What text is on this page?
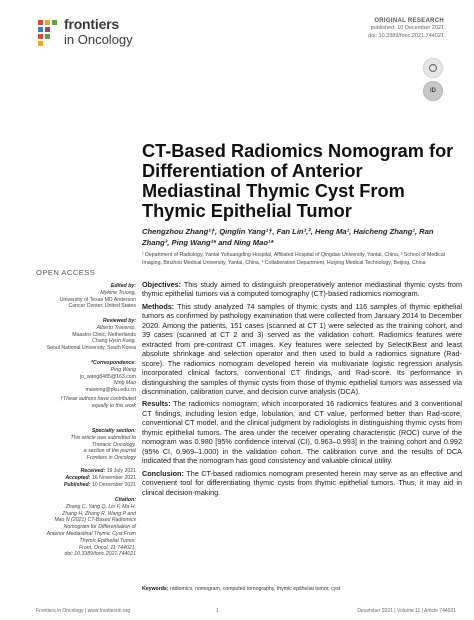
frontiers
in Oncology
ORIGINAL RESEARCH
published: 10 December 2021
doi: 10.3389/fonc.2021.744021
iD
CT-Based Radiomics Nomogram for Differentiation of Anterior Mediastinal Thymic Cyst From Thymic Epithelial Tumor
Chengzhou Zhang¹†, Qinglin Yang¹†, Fan Lin¹,², Heng Ma¹, Haicheng Zhang¹, Ran Zhang³, Ping Wang¹* and Ning Mao¹*
¹ Department of Radiology, Yantai Yuhuangding Hospital, Affiliated Hospital of Qingdao University, Yantai, China, ² School of Medical Imaging, Binzhou Medical University, Yantai, China, ³ Collaboration Department, Huiying Medical Technology, Beijing, China
OPEN ACCESS
Edited by:
Mylene Truong,
University of Texas MD Anderson
Cancer Center, United States
Reviewed by:
Alberto Traverso,
Maastro Clinic, Netherlands
Chang Hyun Kang,
Seoul National University, South Korea
*Correspondence:
Ping Wang
jo_wang8485@163.com
Ning Mao
maoning@pku.edu.cn
†These authors have contributed
equally to this work
Specialty section:
This article was submitted to
Thoracic Oncology,
a section of the journal
Frontiers in Oncology
Received: 19 July 2021
Accepted: 16 November 2021
Published: 10 December 2021
Citation:
Zhang C, Yang Q, Lin F, Ma H,
Zhang H, Zhang R, Wang P and
Mao N (2021) CT-Based Radiomics
Nomogram for Differentiation of
Anterior Mediastinal Thymic Cyst From
Thymic Epithelial Tumor.
Front. Oncol. 11:744021.
doi: 10.3389/fonc.2021.744021

Objectives: This study aimed to distinguish preoperatively anterior mediastinal thymic cysts from thymic epithelial tumors via a computed tomography (CT)-based radiomics nomogram.

Methods: This study analyzed 74 samples of thymic cysts and 116 samples of thymic epithelial tumors as confirmed by pathology examination that were collected from January 2014 to December 2020. Among the patients, 151 cases (scanned at CT 1) were selected as the training cohort, and 39 cases (scanned at CT 2 and 3) served as the validation cohort. Radiomics features were extracted from pre-contrast CT images. Key features were selected by SelectKBest and least absolute shrinkage and selection operator and then used to build a radiomics signature (Rad-score). The radiomics nomogram developed herein via multivariate logistic regression analysis incorporated clinical factors, conventional CT findings, and Rad-score. Its performance in distinguishing the samples of thymic cysts from those of thymic epithelial tumors was assessed via discrimination, calibration curve, and decision curve analysis (DCA).

Results: The radiomics nomogram, which incorporated 16 radiomics features and 3 conventional CT findings, including lesion edge, lobulation, and CT value, performed better than Rad-score, conventional CT model, and the clinical judgment by radiologists in distinguishing thymic cysts from thymic epithelial tumors. The area under the receiver operating characteristic (ROC) curve of the nomogram was 0.980 [95% confidence interval (CI), 0.963–0.993] in the training cohort and 0.992 (95% CI, 0.969–1.000) in the validation cohort. The calibration curve and the results of DCA indicated that the nomogram has good consistency and valuable clinical utility.

Conclusion: The CT-based radiomics nomogram presented herein may serve as an effective and convenient tool for differentiating thymic cysts from thymic epithelial tumors. Thus, it may aid in clinical decision-making.

Keywords: radiomics, nomogram, computed tomography, thymic epithelial tumor, cyst
Frontiers in Oncology | www.frontiersin.org	1	December 2021 | Volume 11 | Article 744021
